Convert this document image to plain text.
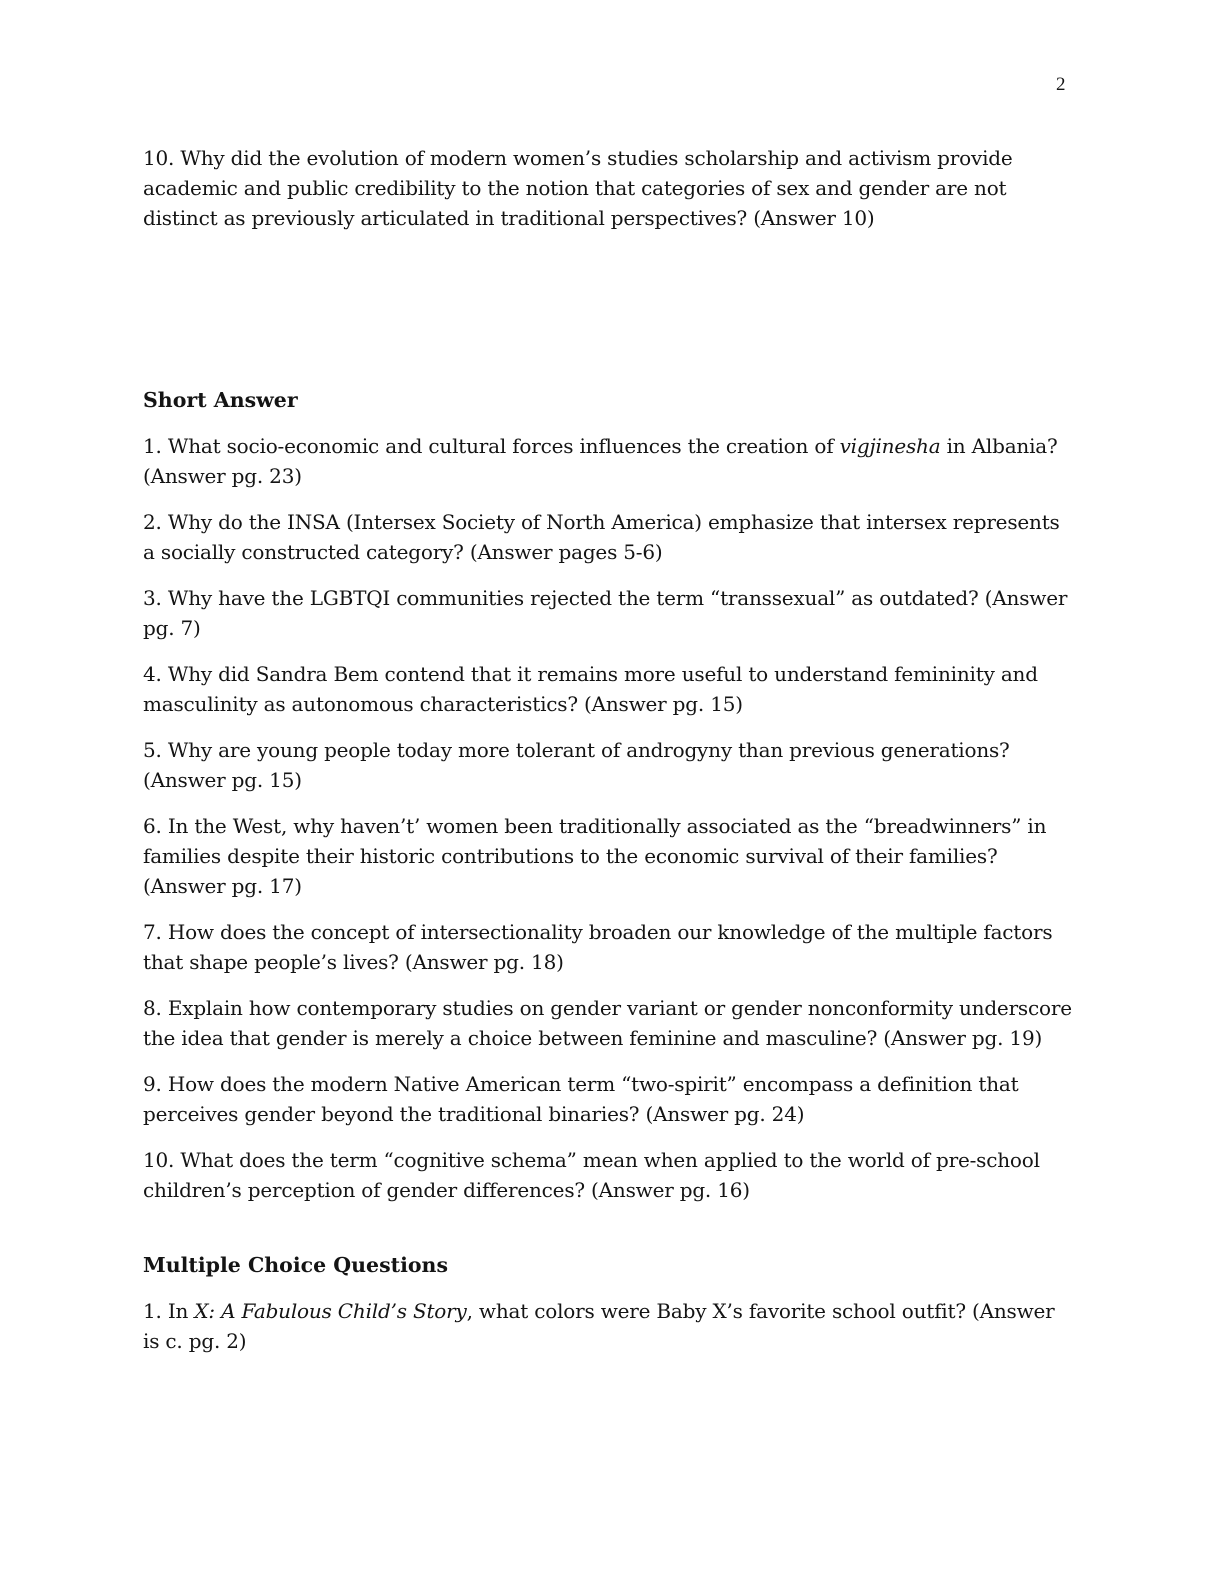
2

10. Why did the evolution of modern women’s studies scholarship and activism provide academic and public credibility to the notion that categories of sex and gender are not distinct as previously articulated in traditional perspectives? (Answer 10)

Short Answer

1. What socio-economic and cultural forces influences the creation of vigjinesha in Albania? (Answer pg. 23)

2. Why do the INSA (Intersex Society of North America) emphasize that intersex represents a socially constructed category? (Answer pages 5-6)

3. Why have the LGBTQI communities rejected the term “transsexual” as outdated? (Answer pg. 7)

4. Why did Sandra Bem contend that it remains more useful to understand femininity and masculinity as autonomous characteristics? (Answer pg. 15)

5. Why are young people today more tolerant of androgyny than previous generations? (Answer pg. 15)

6. In the West, why haven’t’ women been traditionally associated as the “breadwinners” in families despite their historic contributions to the economic survival of their families? (Answer pg. 17)

7. How does the concept of intersectionality broaden our knowledge of the multiple factors that shape people’s lives? (Answer pg. 18)

8. Explain how contemporary studies on gender variant or gender nonconformity underscore the idea that gender is merely a choice between feminine and masculine? (Answer pg. 19)

9. How does the modern Native American term “two-spirit” encompass a definition that perceives gender beyond the traditional binaries? (Answer pg. 24)

10. What does the term “cognitive schema” mean when applied to the world of pre-school children’s perception of gender differences? (Answer pg. 16)

Multiple Choice Questions

1. In X: A Fabulous Child’s Story, what colors were Baby X’s favorite school outfit? (Answer is c. pg. 2)
